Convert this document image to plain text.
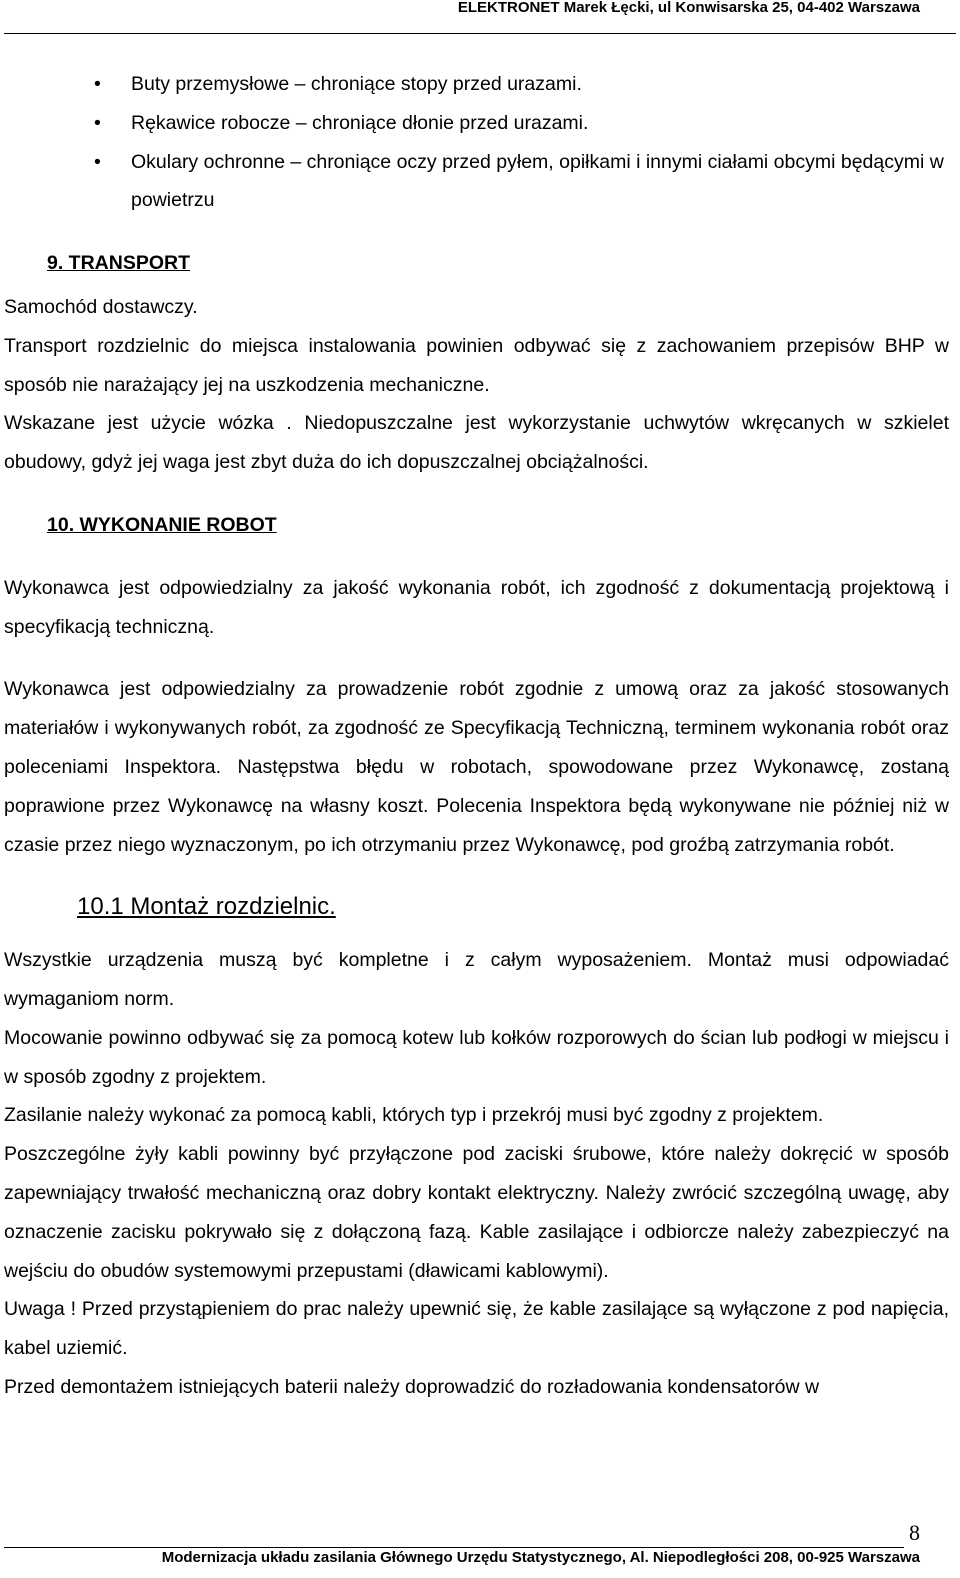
ELEKTRONET Marek Łęcki, ul Konwisarska 25, 04-402 Warszawa
• Buty przemysłowe – chroniące stopy przed urazami.
• Rękawice robocze – chroniące dłonie przed urazami.
• Okulary ochronne – chroniące oczy przed pyłem, opiłkami i innymi ciałami obcymi będącymi w powietrzu
9. TRANSPORT

Samochód dostawczy.

Transport rozdzielnic do miejsca instalowania powinien odbywać się z zachowaniem przepisów BHP w sposób nie narażający jej na uszkodzenia mechaniczne.

Wskazane jest użycie wózka . Niedopuszczalne jest wykorzystanie uchwytów wkręcanych w szkielet obudowy, gdyż jej waga jest zbyt duża do ich dopuszczalnej obciążalności.

10. WYKONANIE ROBOT

Wykonawca jest odpowiedzialny za jakość wykonania robót, ich zgodność z dokumentacją projektową i specyfikacją techniczną.

Wykonawca jest odpowiedzialny za prowadzenie robót zgodnie z umową oraz za jakość stosowanych materiałów i wykonywanych robót, za zgodność ze Specyfikacją Techniczną, terminem wykonania robót oraz poleceniami Inspektora. Następstwa błędu w robotach, spowodowane przez Wykonawcę, zostaną poprawione przez Wykonawcę na własny koszt. Polecenia Inspektora będą wykonywane nie później niż w czasie przez niego wyznaczonym, po ich otrzymaniu przez Wykonawcę, pod groźbą zatrzymania robót.

10.1 Montaż rozdzielnic.

Wszystkie urządzenia muszą być kompletne i z całym wyposażeniem. Montaż musi odpowiadać wymaganiom norm.

Mocowanie powinno odbywać się za pomocą kotew lub kołków rozporowych do ścian lub podłogi w miejscu i w sposób zgodny z projektem.

Zasilanie należy wykonać za pomocą kabli, których typ i przekrój musi być zgodny z projektem.

Poszczególne żyły kabli powinny być przyłączone pod zaciski śrubowe, które należy dokręcić w sposób zapewniający trwałość mechaniczną oraz dobry kontakt elektryczny. Należy zwrócić szczególną uwagę, aby oznaczenie zacisku pokrywało się z dołączoną fazą. Kable zasilające i odbiorcze należy zabezpieczyć na wejściu do obudów systemowymi przepustami (dławicami kablowymi).

Uwaga ! Przed przystąpieniem do prac należy upewnić się, że kable zasilające są wyłączone z pod napięcia, kabel uziemić.

Przed demontażem istniejących baterii należy doprowadzić do rozładowania kondensatorów w

8
Modernizacja układu zasilania Głównego Urzędu Statystycznego, Al. Niepodległości 208, 00-925 Warszawa
